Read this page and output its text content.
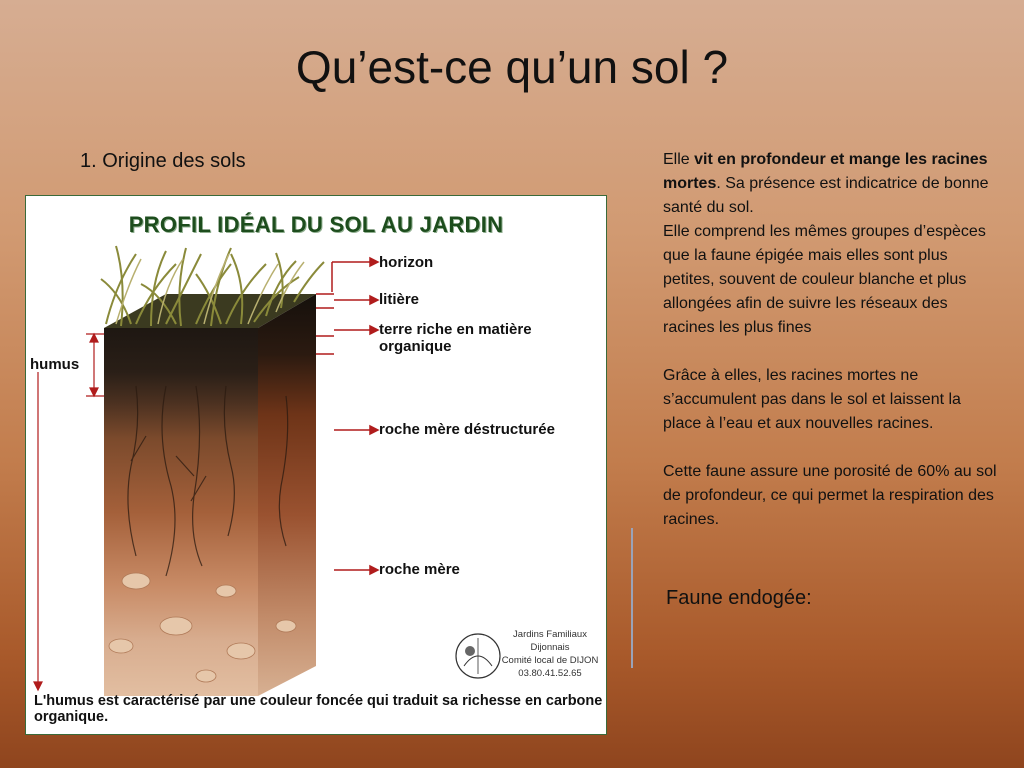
Qu’est-ce qu’un sol ?
1. Origine des sols
PROFIL IDÉAL DU SOL AU JARDIN
horizon
litière
terre riche en matière organique
roche mère déstructurée
roche mère
humus
Jardins Familiaux
Dijonnais
Comité local de DIJON
03.80.41.52.65
L'humus est caractérisé par une couleur foncée qui traduit sa richesse en carbone organique.

Elle vit en profondeur et mange les racines mortes. Sa présence est indicatrice de bonne santé du sol.

Elle comprend les mêmes groupes d’espèces que la faune épigée mais elles sont plus petites, souvent de couleur blanche et plus allongées afin de suivre les réseaux des racines les plus fines

Grâce à elles, les racines mortes ne s’accumulent pas dans le sol et laissent la place à l’eau et aux nouvelles racines.

Cette faune assure une porosité de 60% au sol de profondeur, ce qui permet la respiration des racines.

Faune endogée:
